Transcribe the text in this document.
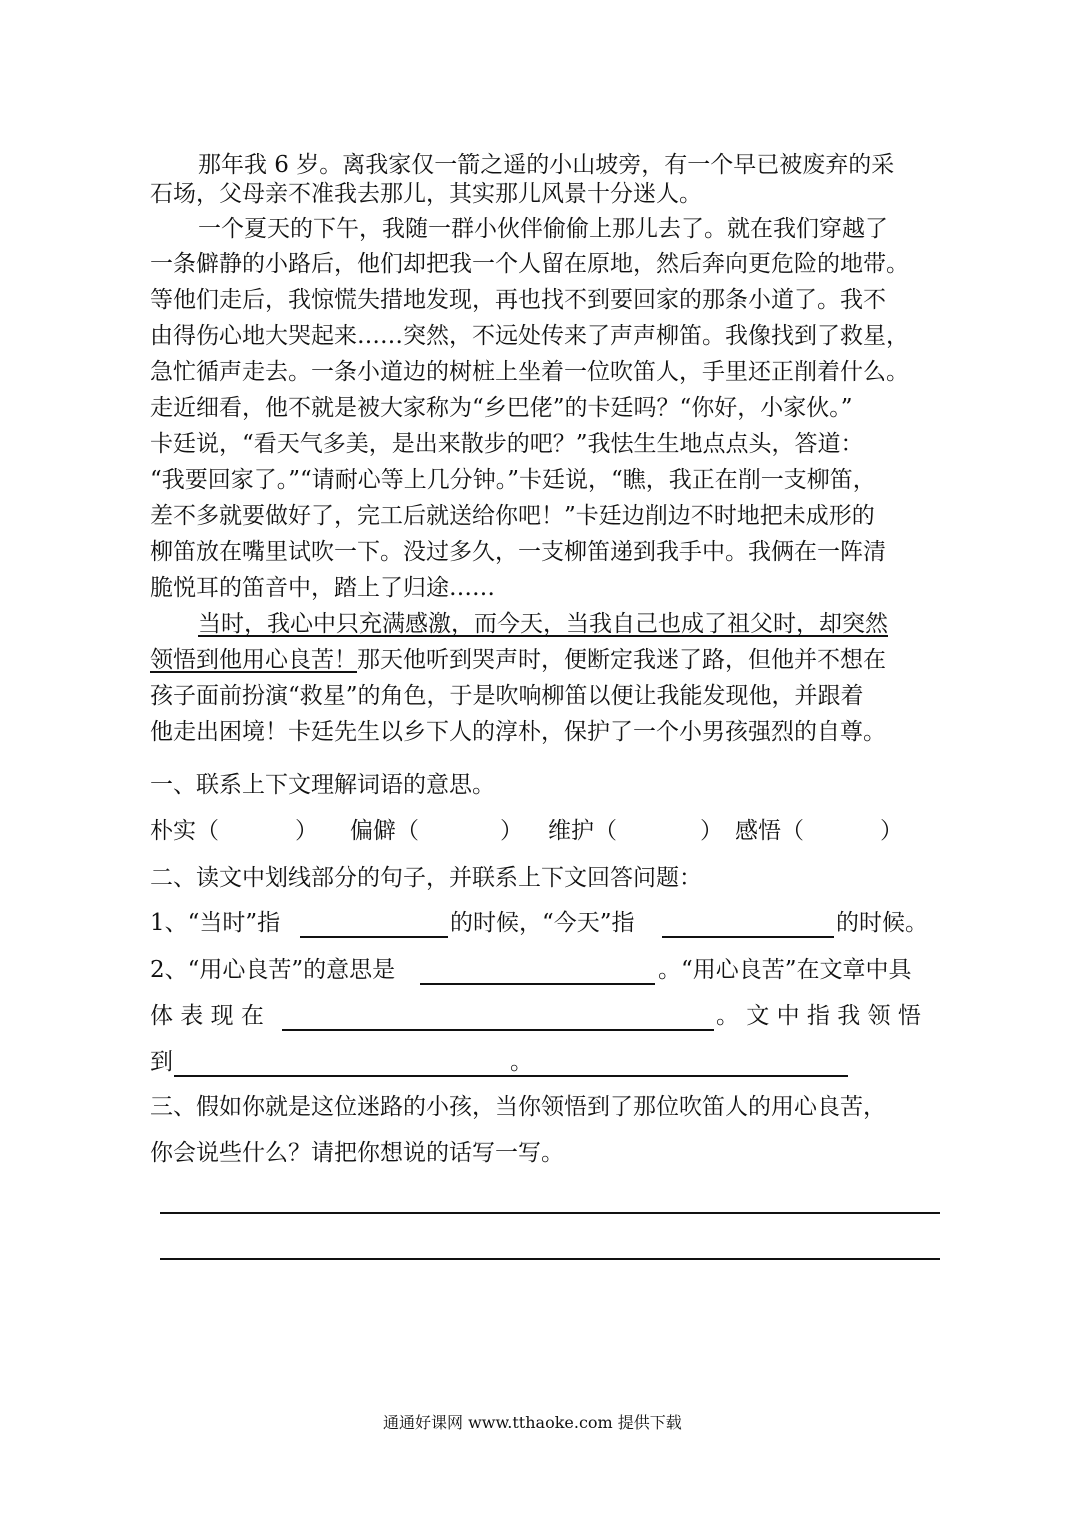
那年我 6 岁。离我家仅一箭之遥的小山坡旁，有一个早已被废弃的采
石场，父母亲不准我去那儿，其实那儿风景十分迷人。
一个夏天的下午，我随一群小伙伴偷偷上那儿去了。就在我们穿越了
一条僻静的小路后，他们却把我一个人留在原地，然后奔向更危险的地带。
等他们走后，我惊慌失措地发现，再也找不到要回家的那条小道了。我不
由得伤心地大哭起来……突然，不远处传来了声声柳笛。我像找到了救星，
急忙循声走去。一条小道边的树桩上坐着一位吹笛人，手里还正削着什么。
走近细看，他不就是被大家称为“乡巴佬”的卡廷吗？“你好，小家伙。”
卡廷说，“看天气多美，是出来散步的吧？”我怯生生地点点头，答道：
“我要回家了。”“请耐心等上几分钟。”卡廷说，“瞧，我正在削一支柳笛，
差不多就要做好了，完工后就送给你吧！”卡廷边削边不时地把未成形的
柳笛放在嘴里试吹一下。没过多久，一支柳笛递到我手中。我俩在一阵清
脆悦耳的笛音中，踏上了归途……
当时，我心中只充满感激，而今天，当我自己也成了祖父时，却突然
领悟到他用心良苦！那天他听到哭声时，便断定我迷了路，但他并不想在
孩子面前扮演“救星”的角色，于是吹响柳笛以便让我能发现他，并跟着
他走出困境！卡廷先生以乡下人的淳朴，保护了一个小男孩强烈的自尊。
一、联系上下文理解词语的意思。
朴实（	） 偏僻（	） 维护（	） 感悟（	）
二、读文中划线部分的句子，并联系上下文回答问题：
1、“当时”指	的时候，“今天”指	的时候。
2、“用心良苦”的意思是	。“用心良苦”在文章中具
体 表 现 在	。 文 中 指 我 领 悟
到	。
三、假如你就是这位迷路的小孩，当你领悟到了那位吹笛人的用心良苦，
你会说些什么？请把你想说的话写一写。
通通好课网 www.tthaoke.com 提供下载
